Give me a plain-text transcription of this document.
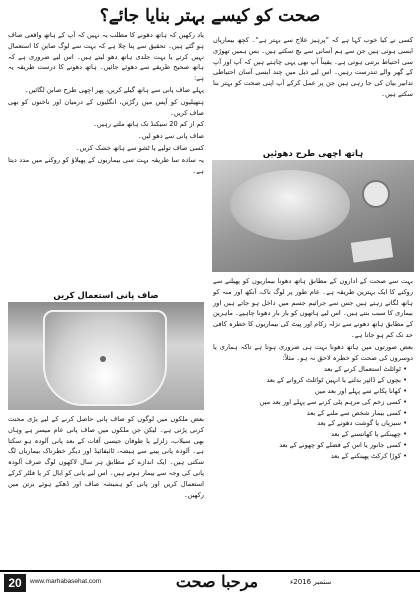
صحت کو کیسے بہتر بنایا جائے؟

کسی نے کیا خوب کہا ہے کہ ”پرہیز علاج سے بہتر ہے“۔ کچھ بیماریاں ایسی ہوتی ہیں جن سے ہم آسانی سے بچ سکتے ہیں۔ بس ہمیں تھوڑی سی احتیاط برتنی ہوتی ہے۔ یقیناً آپ بھی یہی چاہتے ہیں کہ آپ اور آپ کے گھر والے تندرست رہیں۔ اس لیے ذیل میں چند ایسی آسان احتیاطی تدابیر بیان کی جا رہی ہیں جن پر عمل کرکے آپ اپنی صحت کو بہتر بنا سکتے ہیں۔

ہاتھ اچھی طرح دھوئیں

بہت سے صحت کے اداروں کے مطابق ہاتھ دھونا بیماریوں کو پھیلنے سے روکنے کا ایک بہترین طریقہ ہے۔ عام طور پر لوگ ناک، آنکھ اور منہ کو ہاتھ لگاتے رہتے ہیں جس سے جراثیم جسم میں داخل ہو جاتے ہیں اور بیماری کا سبب بنتے ہیں۔ اس لیے ہاتھوں کو بار بار دھونا چاہیے۔ ماہرین کے مطابق ہاتھ دھونے سے نزلہ زکام اور پیٹ کی بیماریوں کا خطرہ کافی حد تک کم ہو جاتا ہے۔

بعض صورتوں میں ہاتھ دھونا بہت ہی ضروری ہوتا ہے تاکہ ہماری یا دوسروں کی صحت کو خطرہ لاحق نہ ہو۔ مثلاً:

• ٹوائلٹ استعمال کرنے کے بعد
• بچوں کے ڈائپر بدلنے یا انہیں ٹوائلٹ کروانے کے بعد
• کھانا پکانے سے پہلے اور بعد میں
• کسی زخم کی مرہم پٹی کرنے سے پہلے اور بعد میں
• کسی بیمار شخص سے ملنے کے بعد
• سبزیاں یا گوشت دھونے کے بعد
• چھینکنے یا کھانسنے کے بعد
• کسی جانور یا اس کے فضلے کو چھونے کے بعد
• کوڑا کرکٹ پھینکنے کے بعد

یاد رکھیں کہ ہاتھ دھونے کا مطلب یہ نہیں کہ آپ کے ہاتھ واقعی صاف ہو گئے ہیں۔ تحقیق سے پتا چلا ہے کہ بہت سے لوگ صابن کا استعمال نہیں کرتے یا بہت جلدی ہاتھ دھو لیتے ہیں۔ اس لیے ضروری ہے کہ ہاتھ صحیح طریقے سے دھوئے جائیں۔ ہاتھ دھونے کا درست طریقہ یہ ہے:

پہلے صاف پانی سے ہاتھ گیلے کریں، پھر اچھی طرح صابن لگائیں۔

ہتھیلیوں کو آپس میں رگڑیں، انگلیوں کے درمیان اور ناخنوں کو بھی صاف کریں۔

کم از کم 20 سیکنڈ تک ہاتھ ملتے رہیں۔

صاف پانی سے دھو لیں۔

کسی صاف تولیے یا ٹشو سے ہاتھ خشک کریں۔

یہ سادہ سا طریقہ بہت سی بیماریوں کے پھیلاؤ کو روکنے میں مدد دیتا ہے۔

صاف پانی استعمال کریں

بعض ملکوں میں لوگوں کو صاف پانی حاصل کرنے کے لیے بڑی محنت کرنی پڑتی ہے۔ لیکن جن ملکوں میں صاف پانی عام میسر ہے وہاں بھی سیلاب، زلزلے یا طوفان جیسی آفات کے بعد پانی آلودہ ہو سکتا ہے۔ آلودہ پانی پینے سے ہیضہ، ٹائیفائیڈ اور دیگر خطرناک بیماریاں لگ سکتی ہیں۔ ایک اندازے کے مطابق ہر سال لاکھوں لوگ صرف آلودہ پانی کی وجہ سے بیمار ہوتے ہیں۔ اس لیے پانی کو ابال کر یا فلٹر کرکے استعمال کریں اور پانی کو ہمیشہ صاف اور ڈھکے ہوئے برتن میں رکھیں۔

20	www.marhabasehat.com	مرحبا صحت	ستمبر 2016ء
